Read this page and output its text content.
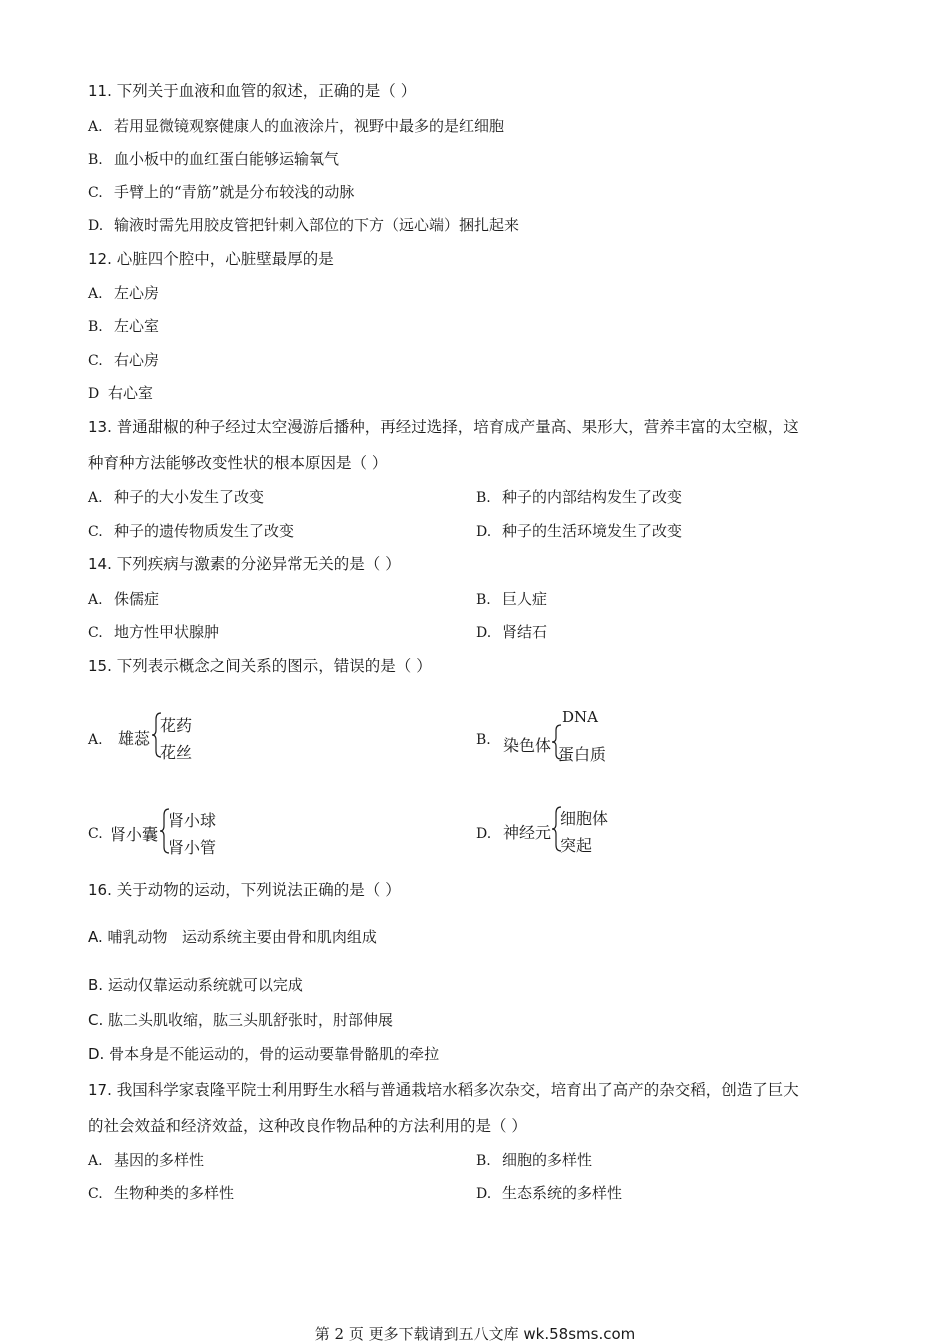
11. 下列关于血液和血管的叙述，正确的是（ ）
A. 若用显微镜观察健康人的血液涂片，视野中最多的是红细胞
B. 血小板中的血红蛋白能够运输氧气
C. 手臂上的“青筋”就是分布较浅的动脉
D. 输液时需先用胶皮管把针刺入部位的下方（远心端）捆扎起来
12. 心脏四个腔中，心脏壁最厚的是
A. 左心房
B. 左心室
C. 右心房
D 右心室
13. 普通甜椒的种子经过太空漫游后播种，再经过选择，培育成产量高、果形大，营养丰富的太空椒，这
种育种方法能够改变性状的根本原因是（ ）
A. 种子的大小发生了改变	B. 种子的内部结构发生了改变
C. 种子的遗传物质发生了改变	D. 种子的生活环境发生了改变
14. 下列疾病与激素的分泌异常无关的是（ ）
A. 侏儒症	B. 巨人症
C. 地方性甲状腺肿	D. 肾结石
15. 下列表示概念之间关系的图示，错误的是（ ）
A. 雄蕊
花药
花丝
B. 染色体
DNA
蛋白质
C. 肾小囊
肾小球
肾小管
D. 神经元
细胞体
突起
16. 关于动物的运动，下列说法正确的是（ ）
A. 哺乳动物   运动系统主要由骨和肌肉组成
B. 运动仅靠运动系统就可以完成
C. 肱二头肌收缩，肱三头肌舒张时，肘部伸展
D. 骨本身是不能运动的，骨的运动要靠骨骼肌的牵拉
17. 我国科学家袁隆平院士利用野生水稻与普通栽培水稻多次杂交，培育出了高产的杂交稻，创造了巨大
的社会效益和经济效益，这种改良作物品种的方法利用的是（ ）
A. 基因的多样性	B. 细胞的多样性
C. 生物种类的多样性	D. 生态系统的多样性
第 2 页 更多下载请到五八文库 wk.58sms.com
